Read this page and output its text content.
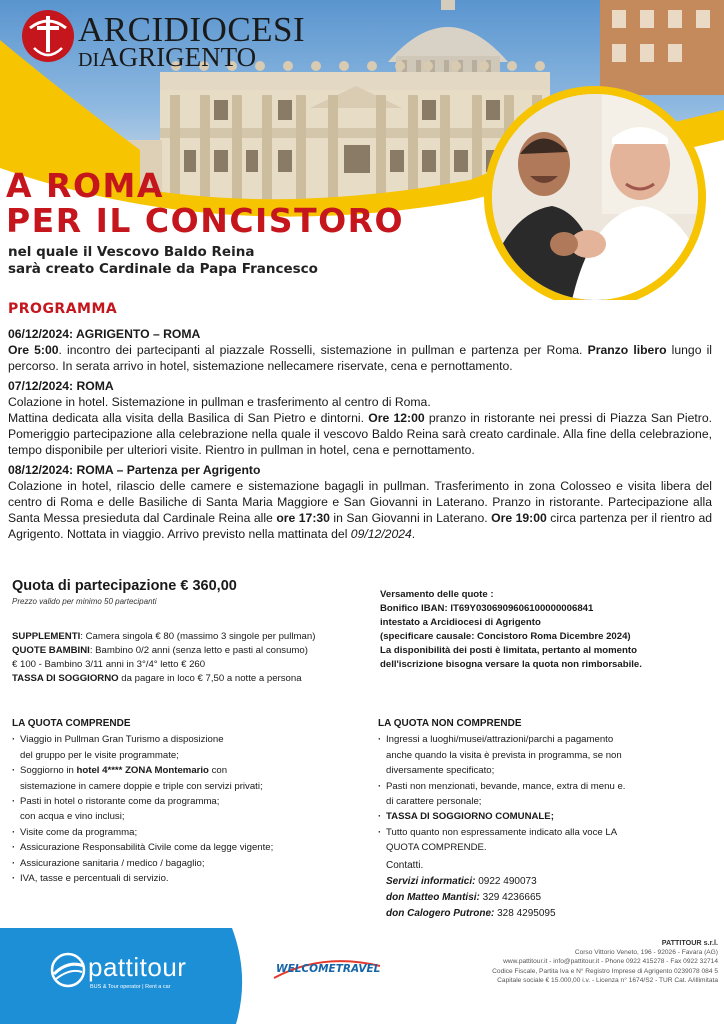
ARCIDIOCESI
DIAGRIGENTO
A ROMA
PER IL CONCISTORO
nel quale il Vescovo Baldo Reina
sarà creato Cardinale da Papa Francesco
PROGRAMMA
06/12/2024: AGRIGENTO – ROMA
Ore 5:00. incontro dei partecipanti al piazzale Rosselli, sistemazione in pullman e partenza per Roma. Pranzo libero lungo il percorso. In serata arrivo in hotel, sistemazione nellecamere riservate, cena e pernottamento.
07/12/2024: ROMA
Colazione in hotel. Sistemazione in pullman e trasferimento al centro di Roma.
Mattina dedicata alla visita della Basilica di San Pietro e dintorni. Ore 12:00 pranzo in ristorante nei pressi di Piazza San Pietro. Pomeriggio partecipazione alla celebrazione nella quale il vescovo Baldo Reina sarà creato cardinale. Alla fine della celebrazione, tempo disponibile per ulteriori visite. Rientro in pullman in hotel, cena e pernottamento.
08/12/2024: ROMA – Partenza per Agrigento
Colazione in hotel, rilascio delle camere e sistemazione bagagli in pullman. Trasferimento in zona Colosseo e visita libera del centro di Roma e delle Basiliche di Santa Maria Maggiore e San Giovanni in Laterano. Pranzo in ristorante. Partecipazione alla Santa Messa presieduta dal Cardinale Reina alle ore 17:30 in San Giovanni in Laterano. Ore 19:00 circa partenza per il rientro ad Agrigento. Nottata in viaggio. Arrivo previsto nella mattinata del 09/12/2024.
Quota di partecipazione € 360,00
Prezzo valido per minimo 50 partecipanti
SUPPLEMENTI: Camera singola € 80 (massimo 3 singole per pullman)
QUOTE BAMBINI: Bambino 0/2 anni (senza letto e pasti al consumo)
€ 100 - Bambino 3/11 anni in 3°/4° letto € 260
TASSA DI SOGGIORNO da pagare in loco € 7,50 a notte a persona
Versamento delle quote :
Bonifico IBAN: IT69Y0306909606100000006841
intestato a Arcidiocesi di Agrigento
(specificare causale: Concistoro Roma Dicembre 2024)
La disponibilità dei posti è limitata, pertanto al momento
dell'iscrizione bisogna versare la quota non rimborsabile.
LA QUOTA COMPRENDE
· Viaggio in Pullman Gran Turismo a disposizione
del gruppo per le visite programmate;
· Soggiorno in hotel 4**** ZONA Montemario con
sistemazione in camere doppie e triple con servizi privati;
· Pasti in hotel o ristorante come da programma;
con acqua e vino inclusi;
· Visite come da programma;
· Assicurazione Responsabilità Civile come da legge vigente;
· Assicurazione sanitaria / medico / bagaglio;
· IVA, tasse e percentuali di servizio.
LA QUOTA NON COMPRENDE
· Ingressi a luoghi/musei/attrazioni/parchi a pagamento
anche quando la visita è prevista in programma, se non
diversamente specificato;
· Pasti non menzionati, bevande, mance, extra di menu e.
di carattere personale;
· TASSA DI SOGGIORNO COMUNALE;
· Tutto quanto non espressamente indicato alla voce LA
QUOTA COMPRENDE.
Contatti.
Servizi informatici: 0922 490073
don Matteo Mantisi: 329 4236665
don Calogero Putrone: 328 4295095
pattitour
BUS & Tour operator | Rent a car
WELCOMETRAVEL
PATTITOUR s.r.l.
Corso Vittorio Veneto, 196 - 92026 - Favara (AG)
www.pattitour.it - info@pattitour.it - Phone 0922 415278 - Fax 0922 32714
Codice Fiscale, Partita Iva e N° Registro Imprese di Agrigento 0239078 084 5
Capitale sociale € 15.000,00 i.v. - Licenza n° 1674/S2 - TUR Cat. A/illimitata
